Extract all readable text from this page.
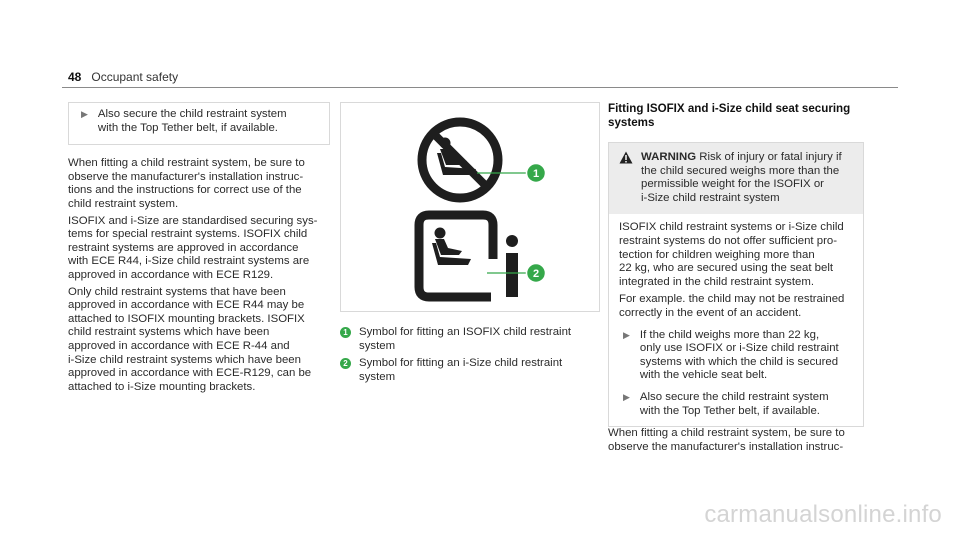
48 Occupant safety
▶ Also secure the child restraint system
with the Top Tether belt, if available.

When fitting a child restraint system, be sure to
observe the manufacturer's installation instruc-
tions and the instructions for correct use of the
child restraint system.

ISOFIX and i-Size are standardised securing sys-
tems for special restraint systems. ISOFIX child
restraint systems are approved in accordance
with ECE R44, i-Size child restraint systems are
approved in accordance with ECE R129.

Only child restraint systems that have been
approved in accordance with ECE R44 may be
attached to ISOFIX mounting brackets. ISOFIX
child restraint systems which have been
approved in accordance with ECE R-44 and
i-Size child restraint systems which have been
approved in accordance with ECE-R129, can be
attached to i-Size mounting brackets.

1
2
1 Symbol for fitting an ISOFIX child restraint
system
2 Symbol for fitting an i-Size child restraint
system
Fitting ISOFIX and i-Size child seat securing
systems
WARNING Risk of injury or fatal injury if
the child secured weighs more than the
permissible weight for the ISOFIX or
i-Size child restraint system

ISOFIX child restraint systems or i-Size child
restraint systems do not offer sufficient pro-
tection for children weighing more than
22 kg, who are secured using the seat belt
integrated in the child restraint system.

For example. the child may not be restrained
correctly in the event of an accident.

▶ If the child weighs more than 22 kg,
only use ISOFIX or i-Size child restraint
systems with which the child is secured
with the vehicle seat belt.
▶ Also secure the child restraint system
with the Top Tether belt, if available.

When fitting a child restraint system, be sure to
observe the manufacturer's installation instruc-

carmanualsonline.info
